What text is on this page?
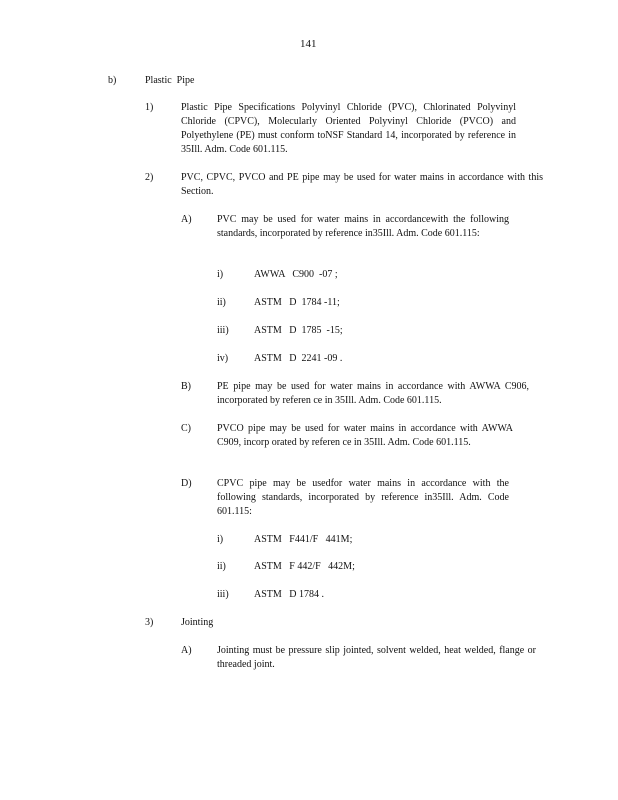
141
b)	Plastic  Pipe
1)	Plastic Pipe Specifications Polyvinyl Chloride (PVC), Chlorinated Polyvinyl Chloride (CPVC), Molecularly Oriented Polyvinyl Chloride (PVCO) and Polyethylene (PE) must conform toNSF Standard 14, incorporated by reference in 35Ill. Adm. Code 601.115.
2)	PVC, CPVC, PVCO and PE pipe may be used for water mains in accordance with this Section.
A)	PVC may be used for water mains in accordancewith the following standards, incorporated by reference in35Ill. Adm. Code 601.115:
i)	AWWA   C900  -07 ;
ii)	ASTM   D  1784 -11;
iii)	ASTM   D  1785  -15;
iv)	ASTM   D  2241 -09 .
B)	PE pipe may be used for water mains in accordance with AWWA C906, incorporated by referen ce in 35Ill. Adm. Code 601.115.
C)	PVCO pipe may be used for water mains in accordance with AWWA C909, incorp orated by referen ce in 35Ill. Adm. Code 601.115.
D)	CPVC pipe may be usedfor water mains in accordance with the following standards, incorporated by reference in35Ill. Adm. Code 601.115:
i)	ASTM   F441/F   441M;
ii)	ASTM   F 442/F   442M;
iii)	ASTM   D 1784 .
3)	Jointing
A)	Jointing must be pressure slip jointed, solvent welded, heat welded, flange or threaded joint.
